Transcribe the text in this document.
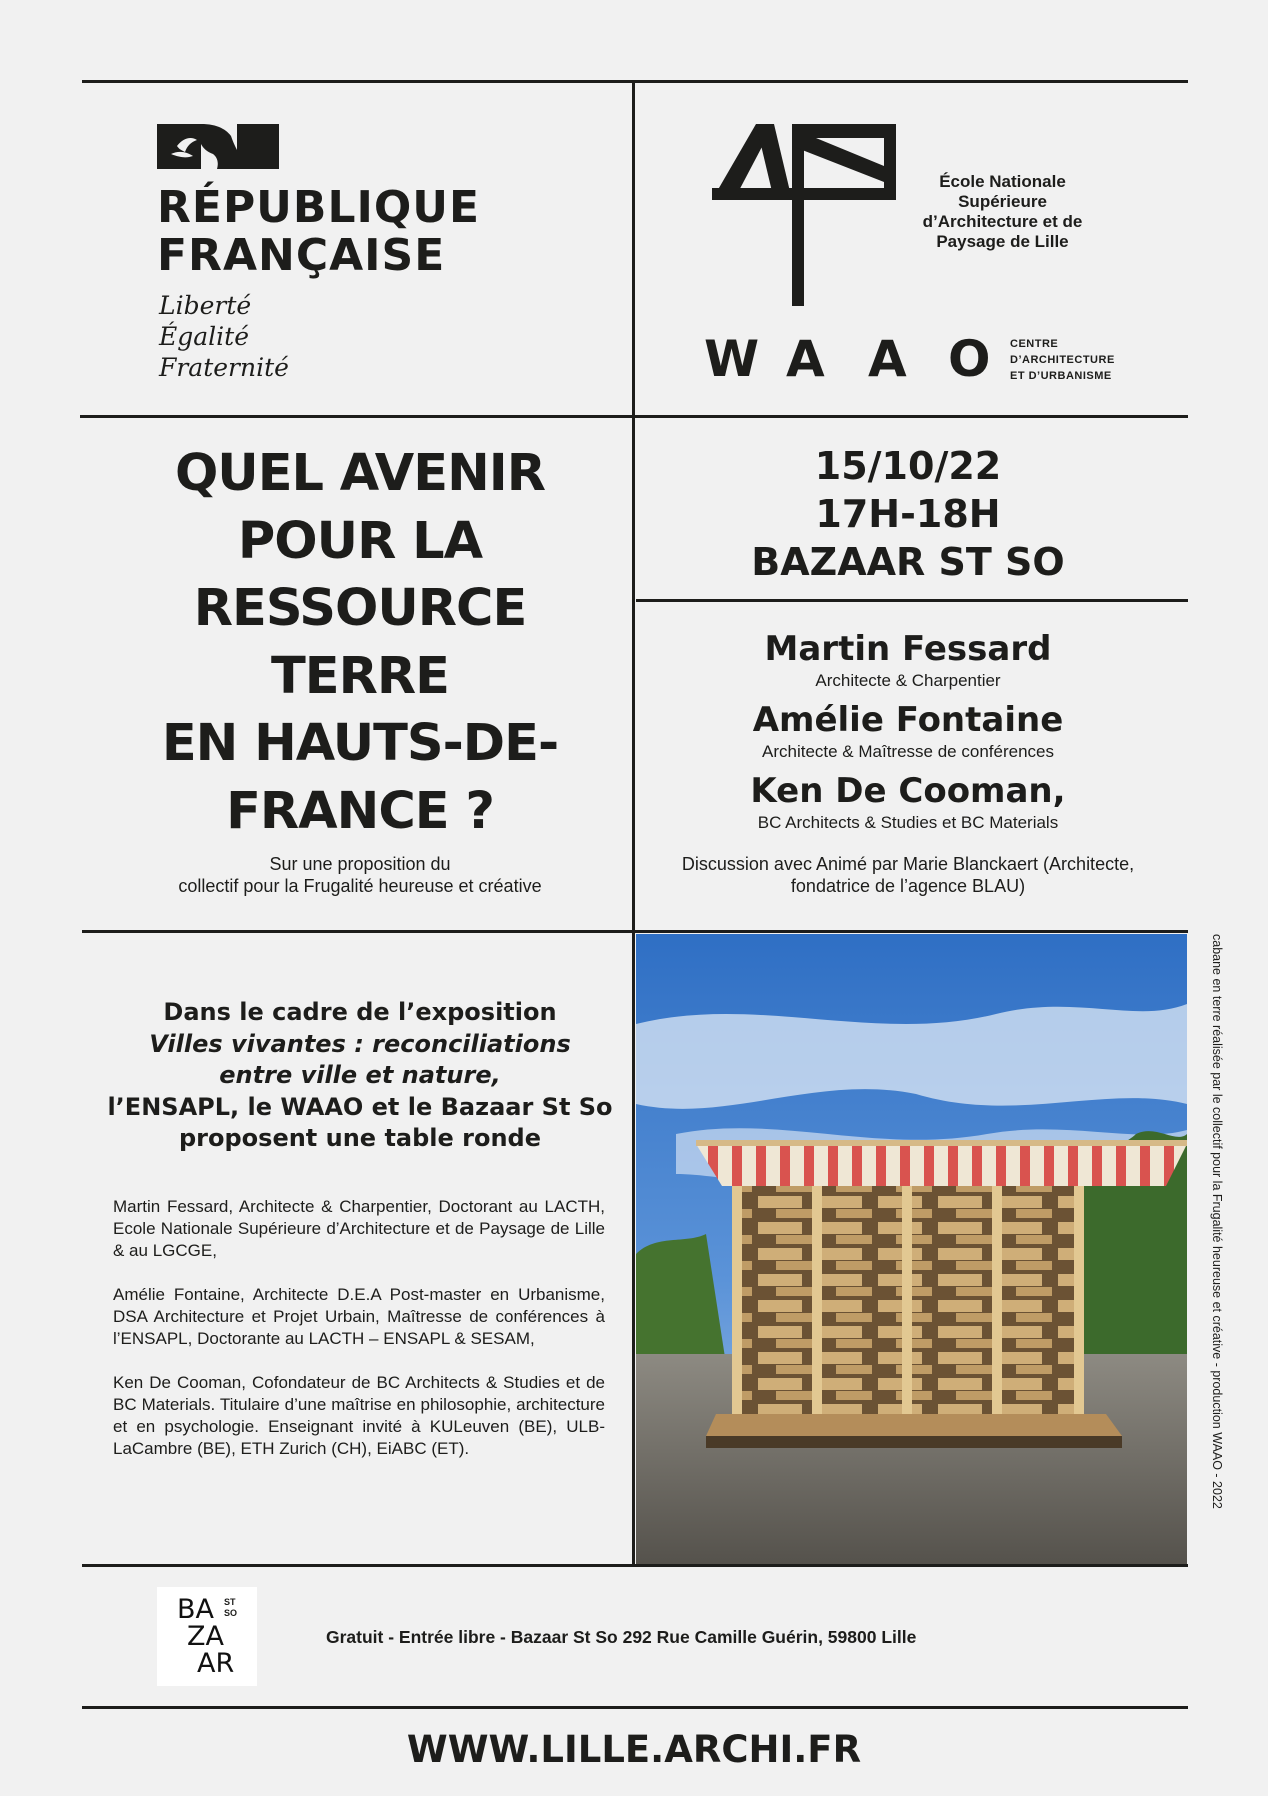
RÉPUBLIQUE
FRANÇAISE
Liberté
Égalité
Fraternité
École Nationale
Supérieure
d’Architecture et de
Paysage de Lille
W A A O CENTRE
D’ARCHITECTURE
ET D’URBANISME
QUEL AVENIR
POUR LA
RESSOURCE
TERRE
EN HAUTS-DE-
FRANCE ?
Sur une proposition du
collectif pour la Frugalité heureuse et créative
15/10/22
17H-18H
BAZAAR ST SO
Martin Fessard
Architecte & Charpentier
Amélie Fontaine
Architecte & Maîtresse de conférences
Ken De Cooman,
BC Architects & Studies et BC Materials
Discussion avec Animé par Marie Blanckaert (Architecte,
fondatrice de l’agence BLAU)
Dans le cadre de l’exposition
Villes vivantes : reconciliations
entre ville et nature,
l’ENSAPL, le WAAO et le Bazaar St So
proposent une table ronde

Martin Fessard, Architecte & Charpentier, Doctorant au LACTH, Ecole Nationale Supérieure d’Architecture et de Paysage de Lille & au LGCGE,

Amélie Fontaine, Architecte D.E.A Post-master en Urbanisme, DSA Architecture et Projet Urbain, Maîtresse de conférences à l’ENSAPL, Doctorante au LACTH – ENSAPL & SESAM,

Ken De Cooman, Cofondateur de BC Architects & Studies et de BC Materials. Titulaire d’une maîtrise en philosophie, architecture et en psychologie. Enseignant invité à KULeuven (BE), ULB-LaCambre (BE), ETH Zurich (CH), EiABC (ET).	cabane en terre réalisée par le collectif pour la Frugalité heureuse et créative - production WAAO - 2022
BA
ZA
AR
ST
SO
Gratuit - Entrée libre - Bazaar St So 292 Rue Camille Guérin, 59800 Lille
WWW.LILLE.ARCHI.FR
